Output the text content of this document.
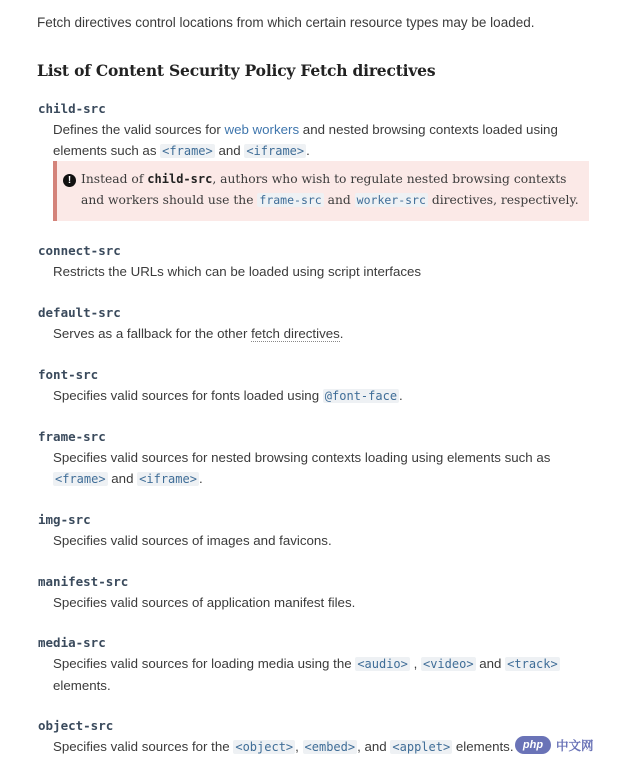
Fetch directives control locations from which certain resource types may be loaded.
List of Content Security Policy Fetch directives
child-src
Defines the valid sources for web workers and nested browsing contexts loaded using elements such as <frame> and <iframe> .
! Instead of child-src, authors who wish to regulate nested browsing contexts and workers should use the frame-src and worker-src directives, respectively.
connect-src
Restricts the URLs which can be loaded using script interfaces
default-src
Serves as a fallback for the other fetch directives.
font-src
Specifies valid sources for fonts loaded using @font-face .
frame-src
Specifies valid sources for nested browsing contexts loading using elements such as <frame> and <iframe> .
img-src
Specifies valid sources of images and favicons.
manifest-src
Specifies valid sources of application manifest files.
media-src
Specifies valid sources for loading media using the <audio> , <video> and <track> elements.
object-src
Specifies valid sources for the <object> , <embed> , and <applet> elements. php	中文网
